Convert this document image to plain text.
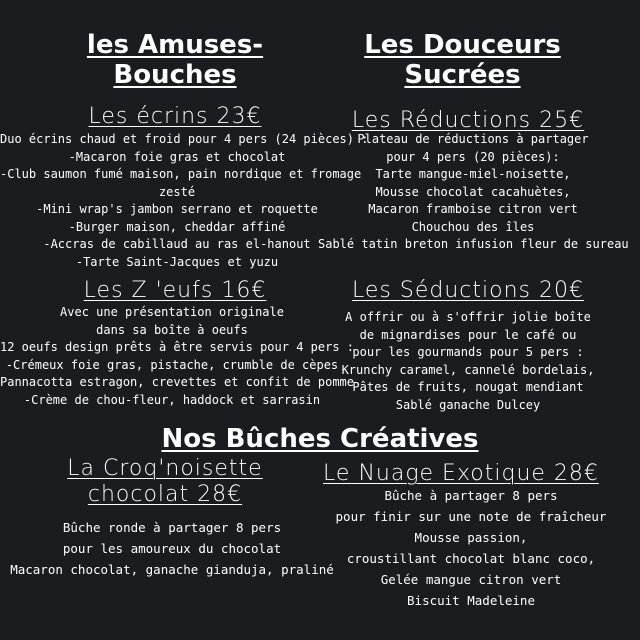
les Amuses-
Bouches
Les Douceurs
Sucrées
Les écrins 23€
Duo écrins chaud et froid pour 4 pers (24 pièces) :
-Macaron foie gras et chocolat
-Club saumon fumé maison, pain nordique et fromage
zesté
-Mini wrap's jambon serrano et roquette
-Burger maison, cheddar affiné
-Accras de cabillaud au ras el-hanout
-Tarte Saint-Jacques et yuzu
Les Réductions 25€
Plateau de réductions à partager
pour 4 pers (20 pièces):
Tarte mangue-miel-noisette,
Mousse chocolat cacahuètes,
Macaron framboise citron vert
Chouchou des îles
Sablé tatin breton infusion fleur de sureau
Les Z 'eufs 16€
Avec une présentation originale
dans sa boîte à oeufs
12 oeufs design prêts à être servis pour 4 pers :
-Crémeux foie gras, pistache, crumble de cèpes
Pannacotta estragon, crevettes et confit de pomme
-Crème de chou-fleur, haddock et sarrasin
Les Séductions 20€
A offrir ou à s'offrir jolie boîte
de mignardises pour le café ou
pour les gourmands pour 5 pers :
Krunchy caramel, cannelé bordelais,
Pâtes de fruits, nougat mendiant
Sablé ganache Dulcey
Nos Bûches Créatives
La Croq'noisette
chocolat 28€
Bûche ronde à partager 8 pers
pour les amoureux du chocolat
Macaron chocolat, ganache gianduja, praliné
Le Nuage Exotique 28€
Bûche à partager 8 pers
pour finir sur une note de fraîcheur
Mousse passion,
croustillant chocolat blanc coco,
Gelée mangue citron vert
Biscuit Madeleine
